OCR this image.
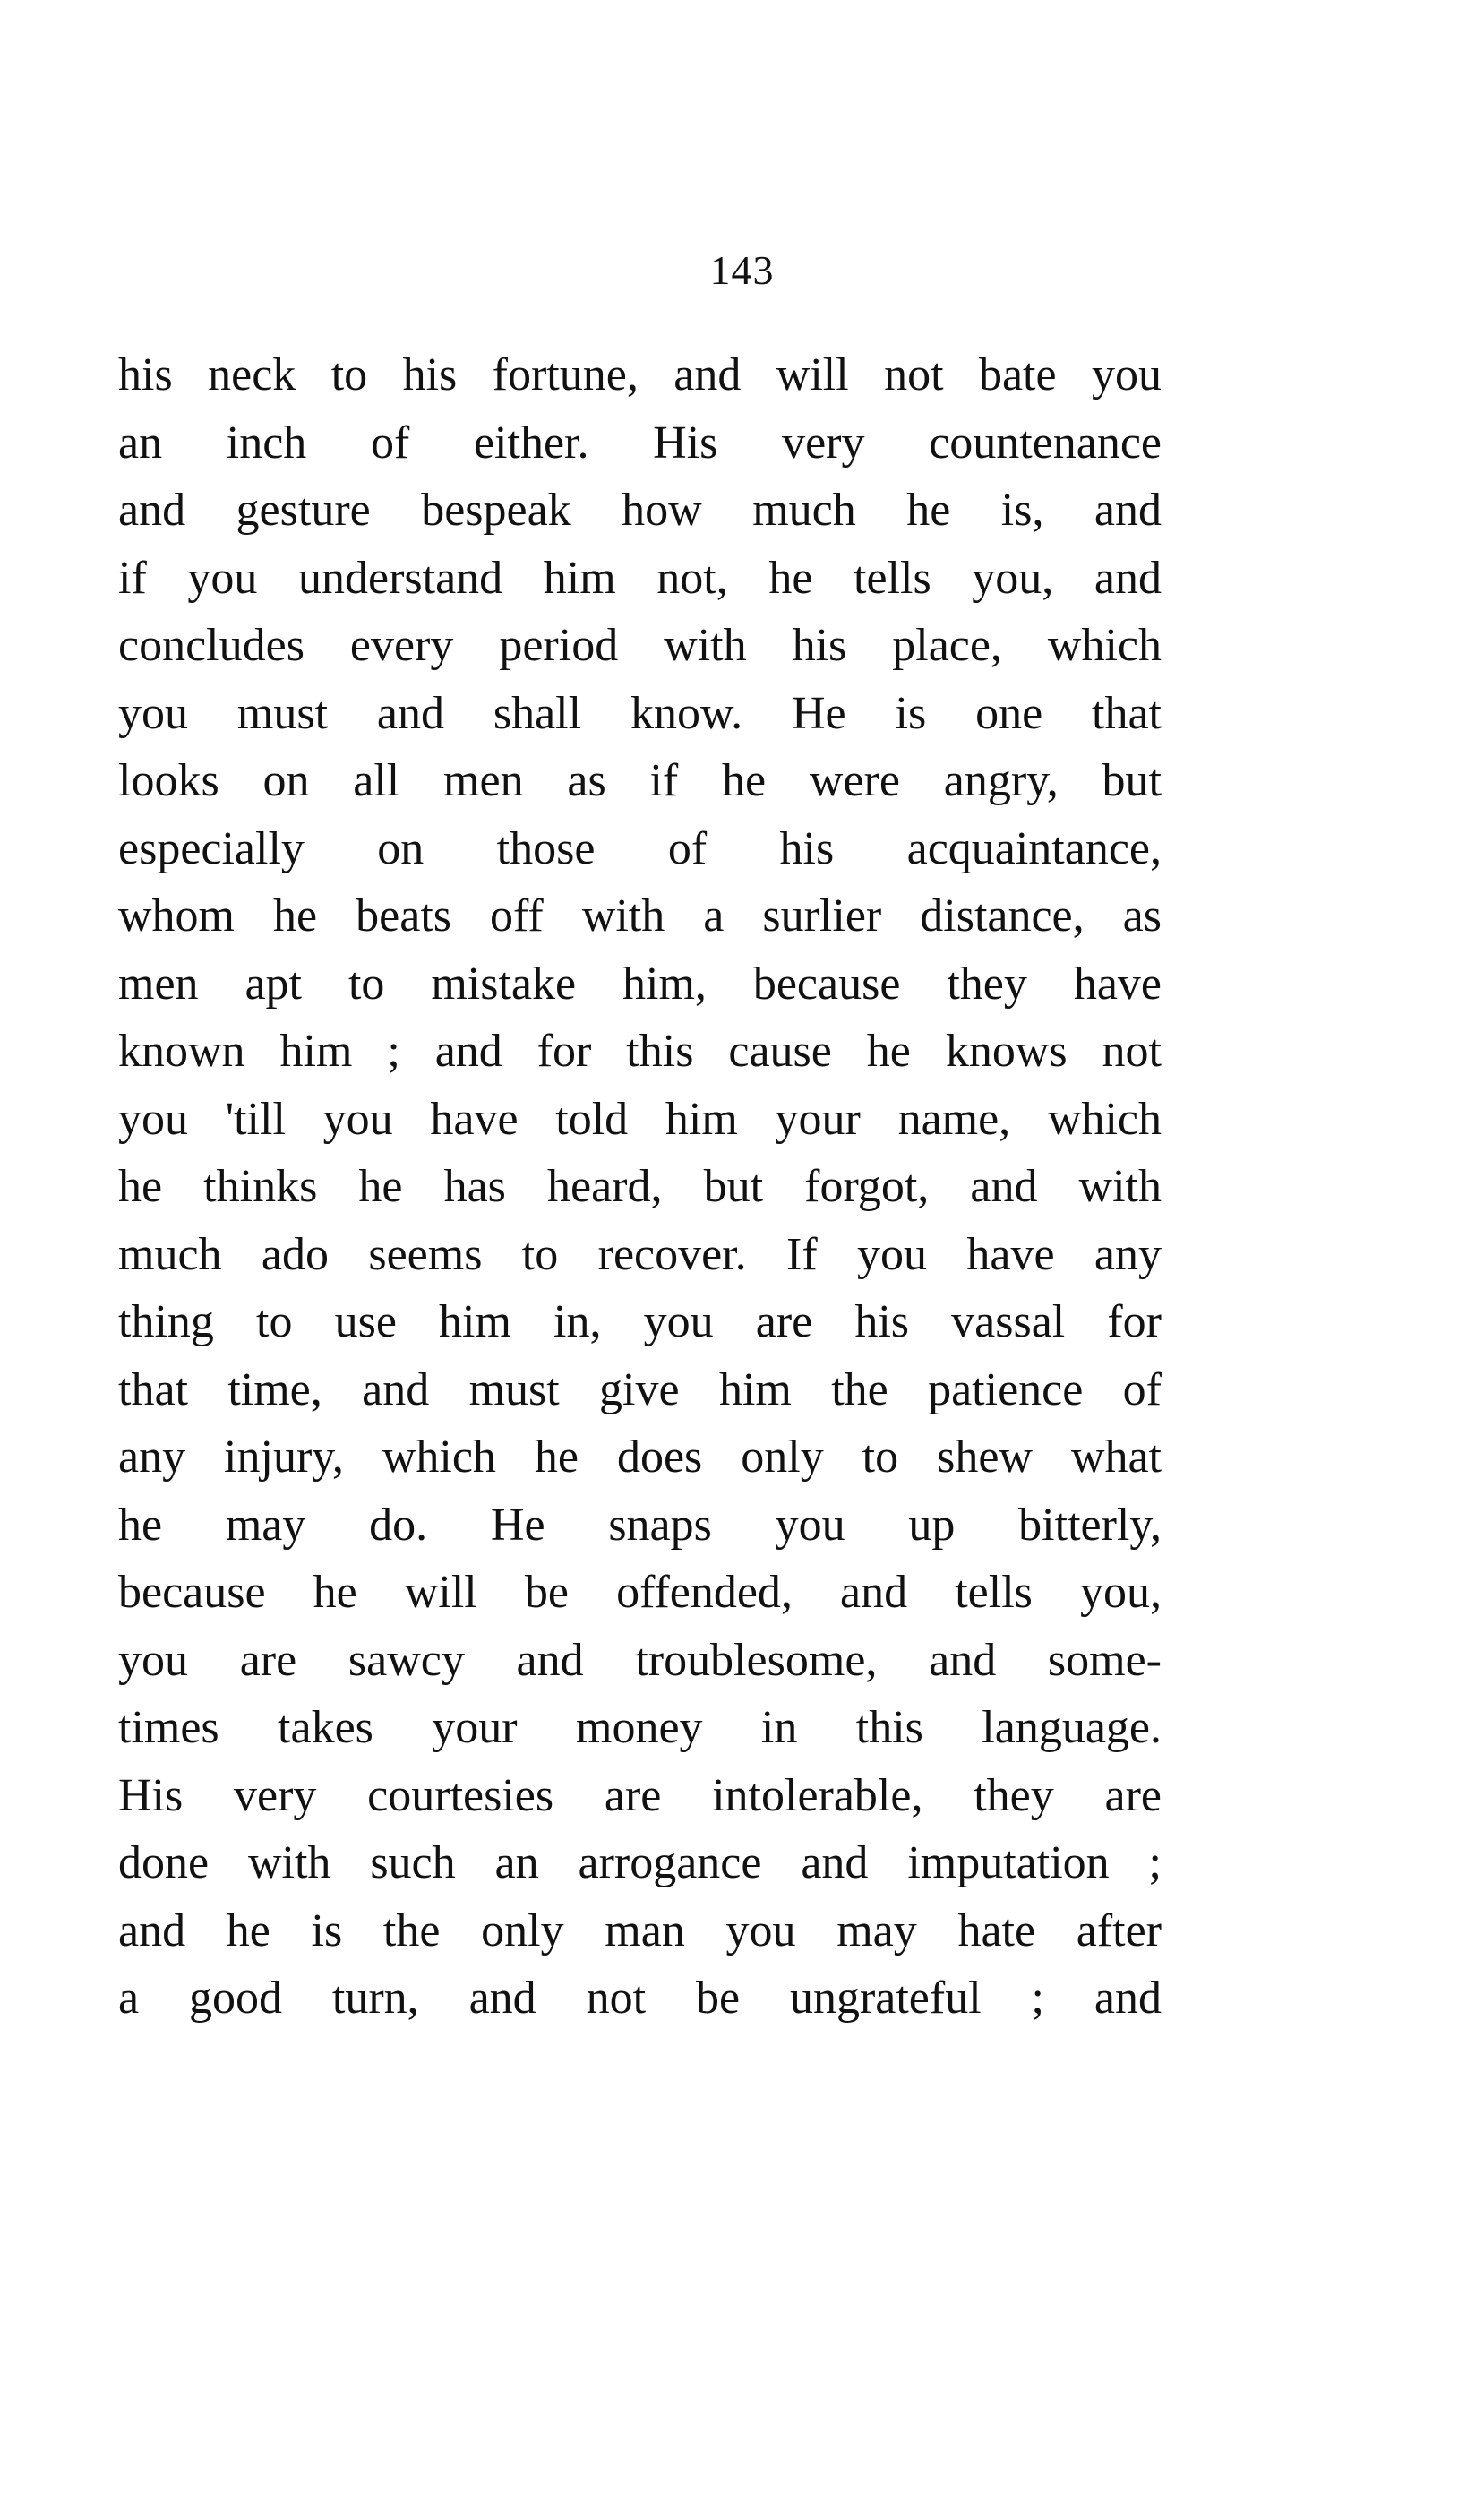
143
his neck to his fortune, and will not bate you
an inch of either. His very countenance
and gesture bespeak how much he is, and
if you understand him not, he tells you, and
concludes every period with his place, which
you must and shall know. He is one that
looks on all men as if he were angry, but
especially on those of his acquaintance,
whom he beats off with a surlier distance, as
men apt to mistake him, because they have
known him ; and for this cause he knows not
you 'till you have told him your name, which
he thinks he has heard, but forgot, and with
much ado seems to recover. If you have any
thing to use him in, you are his vassal for
that time, and must give him the patience of
any injury, which he does only to shew what
he may do. He snaps you up bitterly,
because he will be offended, and tells you,
you are sawcy and troublesome, and some-
times takes your money in this language.
His very courtesies are intolerable, they are
done with such an arrogance and imputation ;
and he is the only man you may hate after
a good turn, and not be ungrateful ; and
